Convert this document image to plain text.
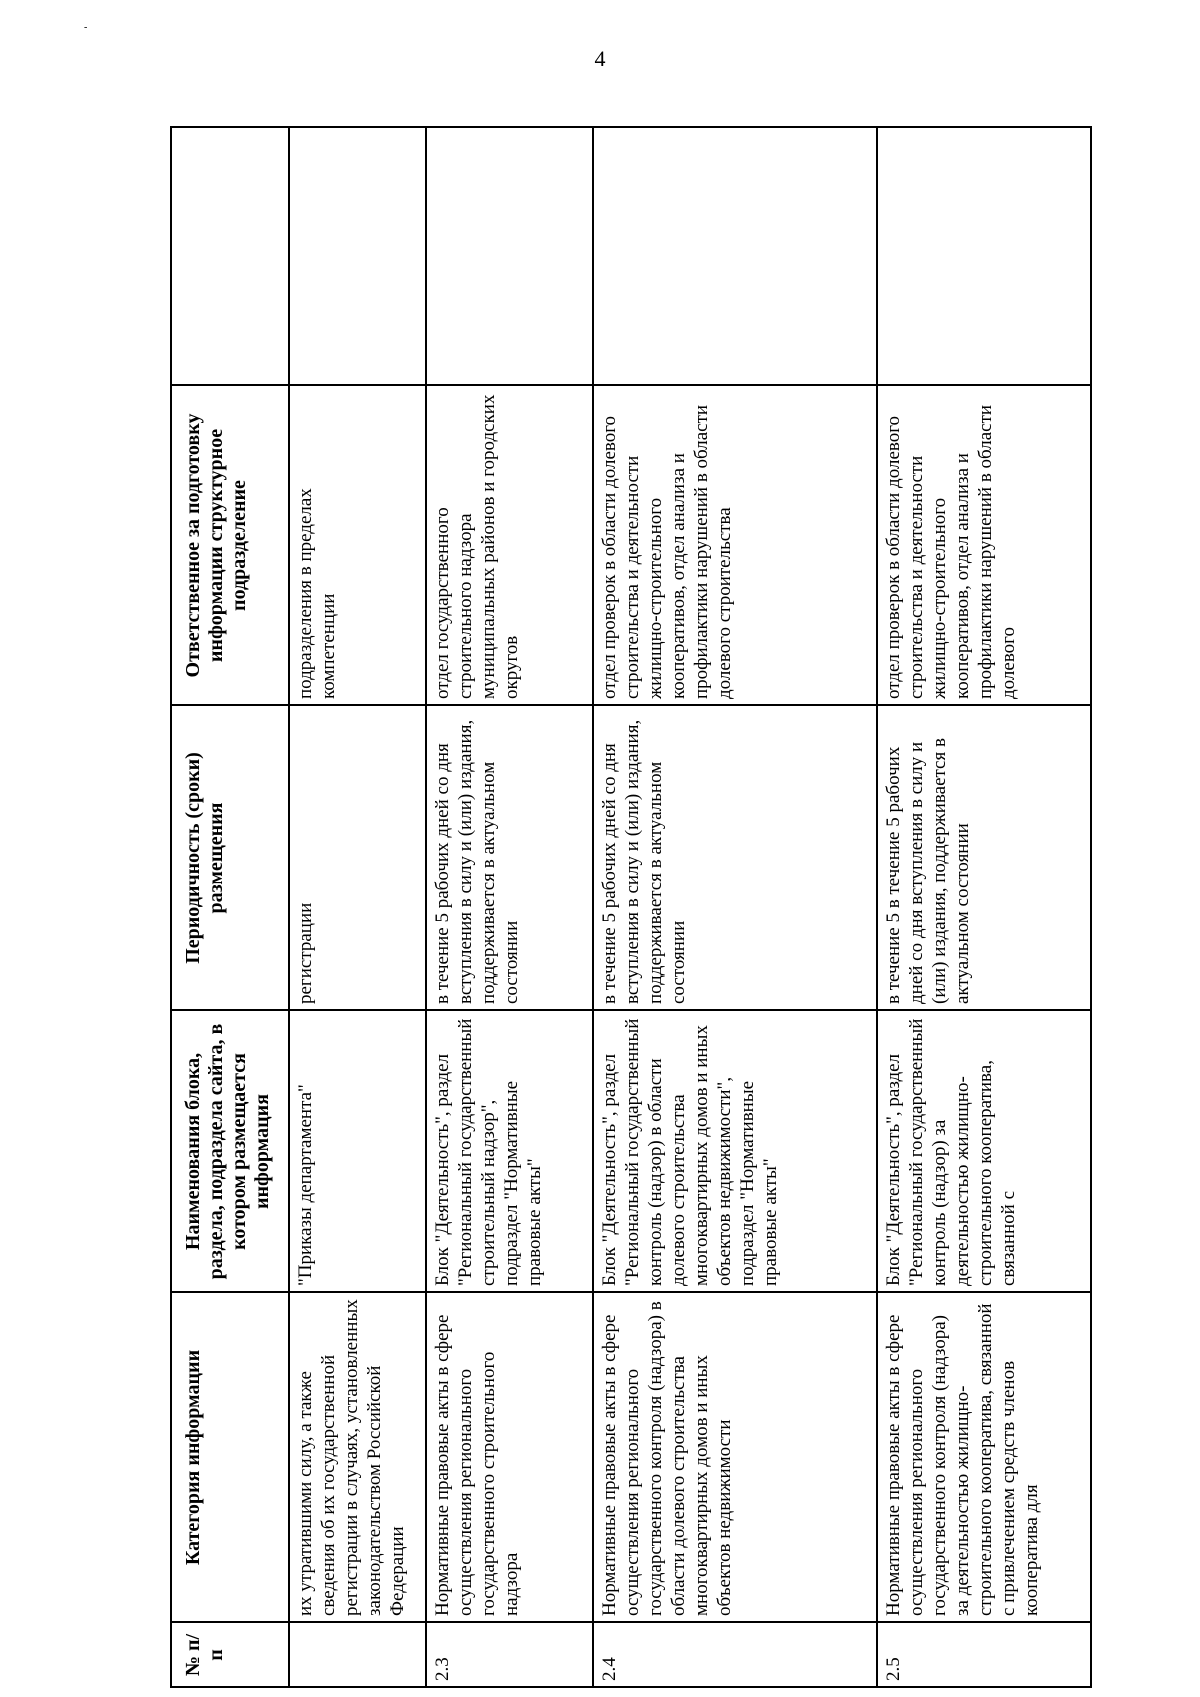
-
4
№ п/п	Категория информации	Наименования блока, раздела, подраздела сайта, в котором размещается информация	Периодичность (сроки) размещения	Ответственное за подготовку информации структурное подразделение	
	их утратившими силу, а также сведения об их государственной регистрации в случаях, установленных законодательством Российской Федерации	"Приказы департамента"	регистрации	подразделения в пределах компетенции	
2.3	Нормативные правовые акты в сфере осуществления регионального государственного строительного надзора	Блок "Деятельность", раздел "Региональный государственный строительный надзор", подраздел "Нормативные правовые акты"	в течение 5 рабочих дней со дня вступления в силу и (или) издания, поддерживается в актуальном состоянии	отдел государственного строительного надзора муниципальных районов и городских округов	
2.4	Нормативные правовые акты в сфере осуществления регионального государственного контроля (надзора) в области долевого строительства многоквартирных домов и иных объектов недвижимости	Блок "Деятельность", раздел "Региональный государственный контроль (надзор) в области долевого строительства многоквартирных домов и иных объектов недвижимости", подраздел "Нормативные правовые акты"	в течение 5 рабочих дней со дня вступления в силу и (или) издания, поддерживается в актуальном состоянии	отдел проверок в области долевого строительства и деятельности жилищно-строительного кооперативов, отдел анализа и профилактики нарушений в области долевого строительства	
2.5	Нормативные правовые акты в сфере осуществления регионального государственного контроля (надзора) за деятельностью жилищно-строительного кооператива, связанной с привлечением средств членов кооператива для	Блок "Деятельность", раздел "Региональный государственный контроль (надзор) за деятельностью жилищно-строительного кооператива, связанной с	в течение 5 в течение 5 рабочих дней со дня вступления в силу и (или) издания, поддерживается в актуальном состоянии	отдел проверок в области долевого строительства и деятельности жилищно-строительного кооперативов, отдел анализа и профилактики нарушений в области долевого	
